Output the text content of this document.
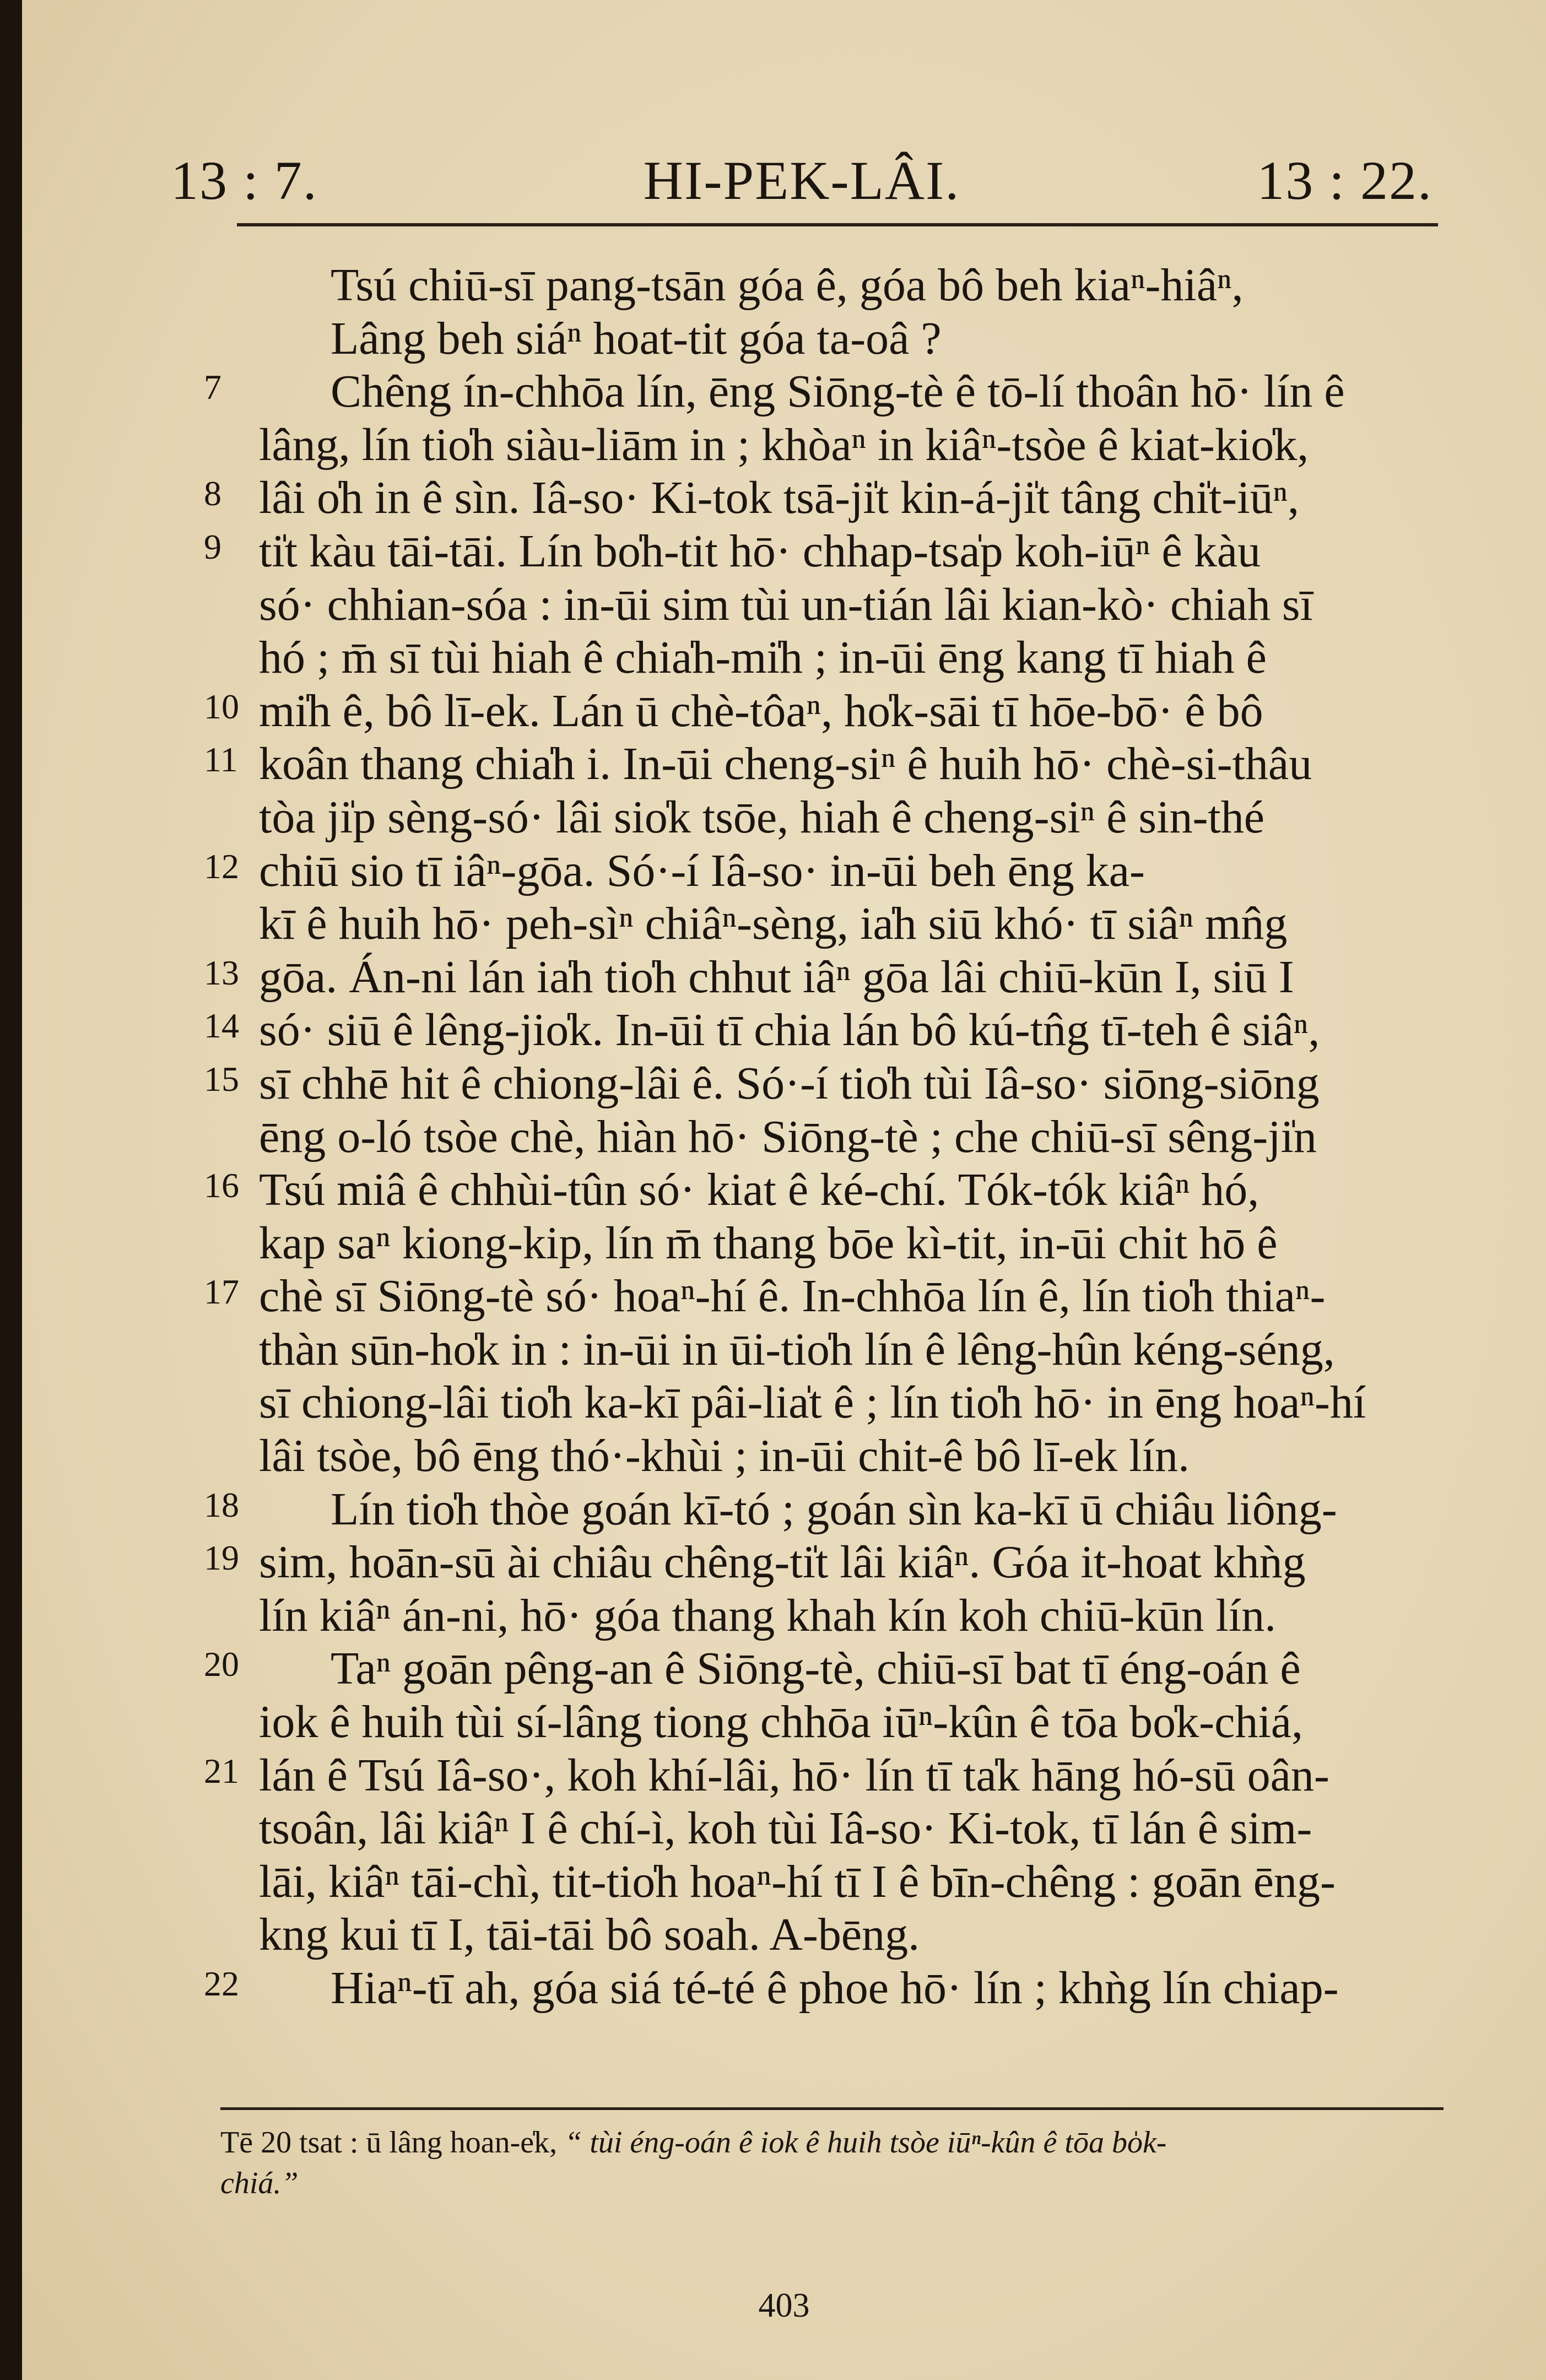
13 : 7.	HI-PEK-LÂI.	13 : 22.
Tsú chiū-sī pang-tsān góa ê, góa bô beh kiaⁿ-hiâⁿ,
Lâng beh siáⁿ hoat-tit góa ta-oâ ?
7 Chêng ín-chhōa lín, ēng Siōng-tè ê tō-lí thoân hō· lín ê
lâng, lín tio̍h siàu-liām in ; khòaⁿ in kiâⁿ-tsòe ê kiat-kio̍k,
8 lâi o̍h in ê sìn. Iâ-so· Ki-tok tsā-ji̍t kin-á-ji̍t tâng chi̍t-iūⁿ,
9 ti̍t kàu tāi-tāi. Lín bo̍h-tit hō· chhap-tsa̍p koh-iūⁿ ê kàu
só· chhian-sóa : in-ūi sim tùi un-tián lâi kian-kò· chiah sī
hó ; m̄ sī tùi hiah ê chia̍h-mi̍h ; in-ūi ēng kang tī hiah ê
10 mi̍h ê, bô lī-ek. Lán ū chè-tôaⁿ, ho̍k-sāi tī hōe-bō· ê bô
11 koân thang chia̍h i. In-ūi cheng-siⁿ ê huih hō· chè-si-thâu
tòa ji̍p sèng-só· lâi sio̍k tsōe, hiah ê cheng-siⁿ ê sin-thé
12 chiū sio tī iâⁿ-gōa. Só·-í Iâ-so· in-ūi beh ēng ka-
kī ê huih hō· peh-sìⁿ chiâⁿ-sèng, ia̍h siū khó· tī siâⁿ mn̂g
13 gōa. Án-ni lán ia̍h tio̍h chhut iâⁿ gōa lâi chiū-kūn I, siū I
14 só· siū ê lêng-jio̍k. In-ūi tī chia lán bô kú-tn̂g tī-teh ê siâⁿ,
15 sī chhē hit ê chiong-lâi ê. Só·-í tio̍h tùi Iâ-so· siōng-siōng
ēng o-ló tsòe chè, hiàn hō· Siōng-tè ; che chiū-sī sêng-ji̍n
16 Tsú miâ ê chhùi-tûn só· kiat ê ké-chí. Tók-tók kiâⁿ hó,
kap saⁿ kiong-kip, lín m̄ thang bōe kì-tit, in-ūi chit hō ê
17 chè sī Siōng-tè só· hoaⁿ-hí ê. In-chhōa lín ê, lín tio̍h thiaⁿ-
thàn sūn-ho̍k in : in-ūi in ūi-tio̍h lín ê lêng-hûn kéng-séng,
sī chiong-lâi tio̍h ka-kī pâi-lia̍t ê ; lín tio̍h hō· in ēng hoaⁿ-hí
lâi tsòe, bô ēng thó·-khùi ; in-ūi chit-ê bô lī-ek lín.
18 Lín tio̍h thòe goán kī-tó ; goán sìn ka-kī ū chiâu liông-
19 sim, hoān-sū ài chiâu chêng-ti̍t lâi kiâⁿ. Góa it-hoat khǹg
lín kiâⁿ án-ni, hō· góa thang khah kín koh chiū-kūn lín.
20 Taⁿ goān pêng-an ê Siōng-tè, chiū-sī bat tī éng-oán ê
iok ê huih tùi sí-lâng tiong chhōa iūⁿ-kûn ê tōa bo̍k-chiá,
21 lán ê Tsú Iâ-so·, koh khí-lâi, hō· lín tī ta̍k hāng hó-sū oân-
tsoân, lâi kiâⁿ I ê chí-ì, koh tùi Iâ-so· Ki-tok, tī lán ê sim-
lāi, kiâⁿ tāi-chì, tit-tio̍h hoaⁿ-hí tī I ê bīn-chêng : goān ēng-
kng kui tī I, tāi-tāi bô soah. A-bēng.
22 Hiaⁿ-tī ah, góa siá té-té ê phoe hō· lín ; khǹg lín chiap-
Tē 20 tsat : ū lâng hoan-e̍k, “ tùi éng-oán ê iok ê huih tsòe iūⁿ-kûn ê tōa bo̍k-
chiá.”
403
